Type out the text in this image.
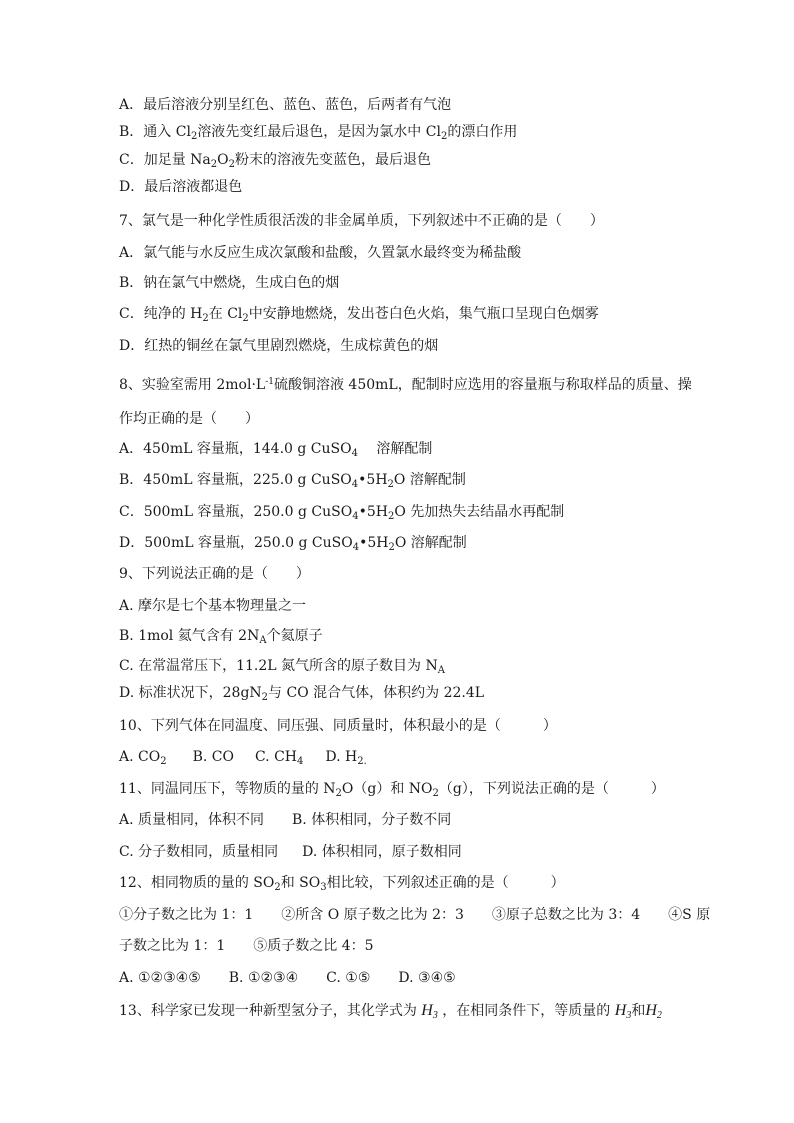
A．最后溶液分别呈红色、蓝色、蓝色，后两者有气泡
B．通入 $Cl_2$溶液先变红最后退色，是因为氯水中 $Cl_2$的漂白作用
C．加足量 $Na_2O_2$粉末的溶液先变蓝色，最后退色
D．最后溶液都退色
7、氯气是一种化学性质很活泼的非金属单质，下列叙述中不正确的是（　　）
A．氯气能与水反应生成次氯酸和盐酸，久置氯水最终变为稀盐酸
B．钠在氯气中燃烧，生成白色的烟
C．纯净的 $H_2$在 $Cl_2$中安静地燃烧，发出苍白色火焰，集气瓶口呈现白色烟雾
D．红热的铜丝在氯气里剧烈燃烧，生成棕黄色的烟
8、实验室需用 $2mol\cdot L^{-1}$硫酸铜溶液 450mL，配制时应选用的容量瓶与称取样品的质量、操
作均正确的是（　　）
A．450mL 容量瓶，144.0 g CuSO$_4$　 溶解配制
B．450mL 容量瓶，225.0 g $CuSO_4•5H_2O$ 溶解配制
C．500mL 容量瓶，250.0 g $CuSO_4•5H_2O$ 先加热失去结晶水再配制
D．500mL 容量瓶，250.0 g $CuSO_4•5H_2O$ 溶解配制
9、下列说法正确的是（　　）
A. 摩尔是七个基本物理量之一
B. 1mol 氦气含有 $2N_A$个氦原子
C. 在常温常压下，11.2L 氮气所含的原子数目为 $N_A$
D. 标准状况下，$28gN_2$与 CO 混合气体，体积约为 22.4L
10、下列气体在同温度、同压强、同质量时，体积最小的是（　　　）
A. $CO_2$ B. CO C. $CH_4$ D. $H_{2.}$
11、同温同压下，等物质的量的 $N_2O(g)$和 $NO_2(g)$，下列说法正确的是（　　　）
A. 质量相同，体积不同 B. 体积相同，分子数不同
C. 分子数相同，质量相同 D. 体积相同，原子数相同
12、相同物质的量的 $SO_2$和 $SO_3$相比较，下列叙述正确的是（　　　）
①分子数之比为 1：1　　②所含 O 原子数之比为 2：3　　③原子总数之比为 3：4　　④S 原
子数之比为 1：1　　⑤质子数之比 4：5
A. ①②③④⑤ B. ①②③④ C. ①⑤ D. ③④⑤
13、科学家已发现一种新型氢分子，其化学式为 $H_3$ ，在相同条件下，等质量的 $H_3$和$H_2$
